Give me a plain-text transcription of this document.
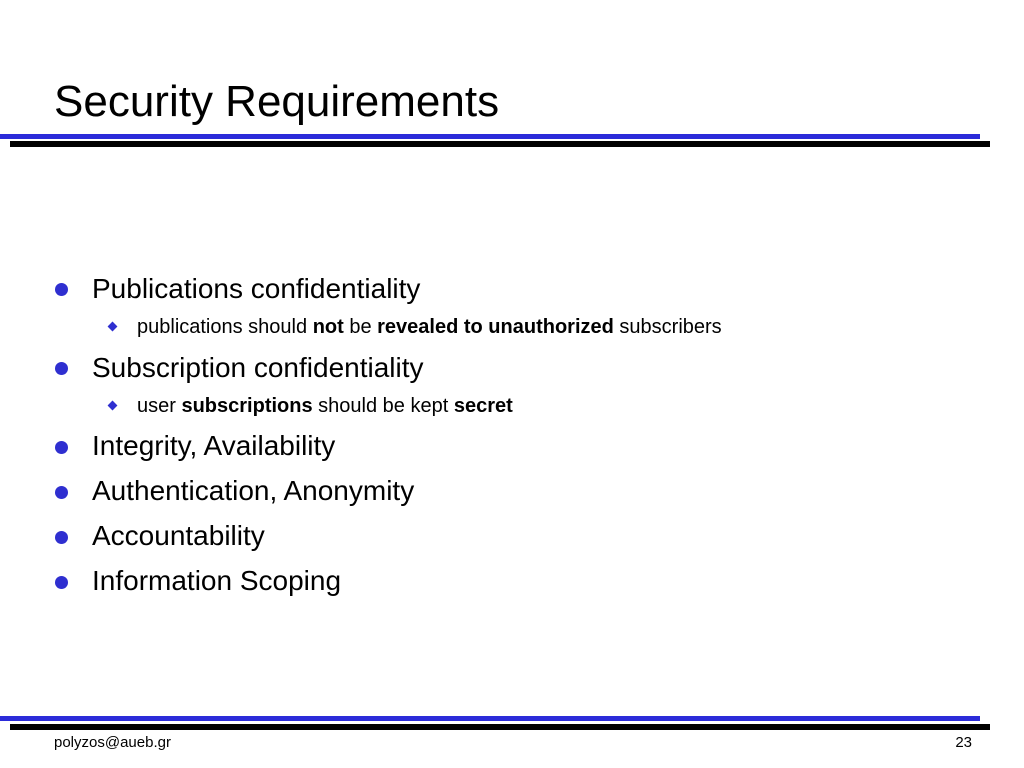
Security Requirements
Publications confidentiality
publications should not be revealed to unauthorized subscribers
Subscription confidentiality
user subscriptions should be kept secret
Integrity, Availability
Authentication, Anonymity
Accountability
Information Scoping
polyzos@aueb.gr	23
